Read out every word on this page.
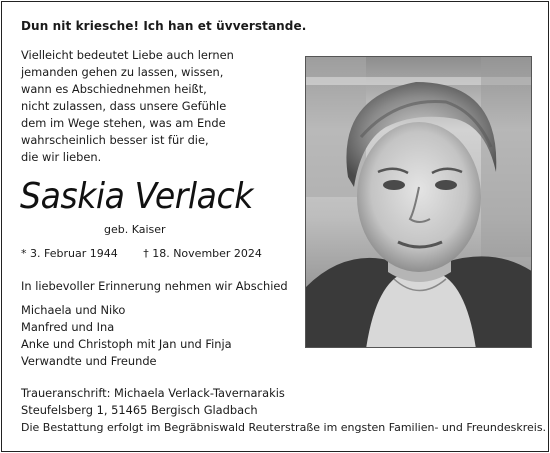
Dun nit kriesche! Ich han et üvverstande.
Vielleicht bedeutet Liebe auch lernen
jemanden gehen zu lassen, wissen,
wann es Abschiednehmen heißt,
nicht zulassen, dass unsere Gefühle
dem im Wege stehen, was am Ende
wahrscheinlich besser ist für die,
die wir lieben.
Saskia Verlack
geb. Kaiser
* 3. Februar 1944 † 18. November 2024
In liebevoller Erinnerung nehmen wir Abschied
Michaela und Niko
Manfred und Ina
Anke und Christoph mit Jan und Finja
Verwandte und Freunde
Traueranschrift: Michaela Verlack-Tavernarakis
Steufelsberg 1, 51465 Bergisch Gladbach
Die Bestattung erfolgt im Begräbniswald Reuterstraße im engsten Familien- und Freundeskreis.
